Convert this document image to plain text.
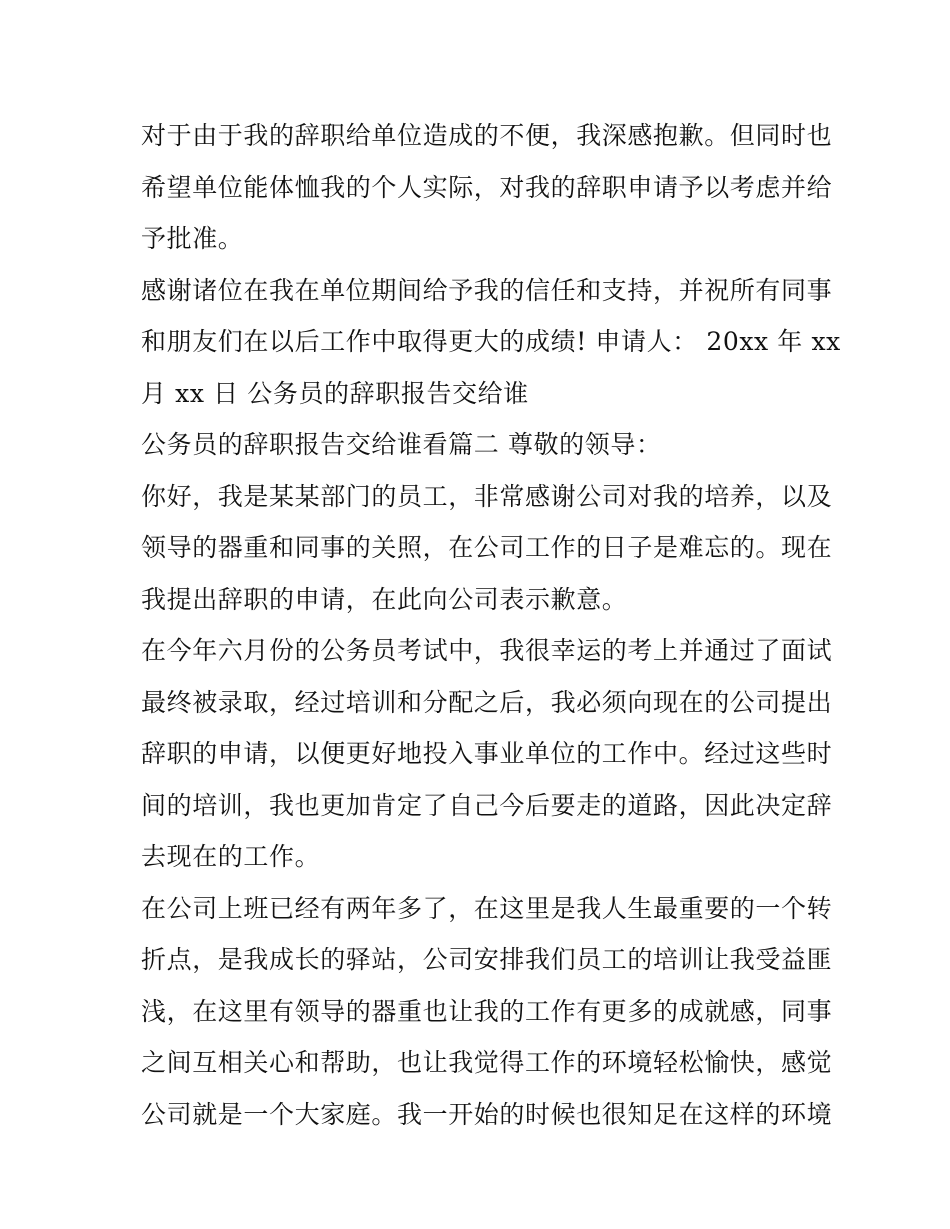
对于由于我的辞职给单位造成的不便，我深感抱歉。但同时也
希望单位能体恤我的个人实际，对我的辞职申请予以考虑并给
予批准。
感谢诸位在我在单位期间给予我的信任和支持，并祝所有同事
和朋友们在以后工作中取得更大的成绩! 申请人： 20xx 年 xx
月 xx 日 公务员的辞职报告交给谁
公务员的辞职报告交给谁看篇二 尊敬的领导：
你好，我是某某部门的员工，非常感谢公司对我的培养，以及
领导的器重和同事的关照，在公司工作的日子是难忘的。现在
我提出辞职的申请，在此向公司表示歉意。
在今年六月份的公务员考试中，我很幸运的考上并通过了面试
最终被录取，经过培训和分配之后，我必须向现在的公司提出
辞职的申请，以便更好地投入事业单位的工作中。经过这些时
间的培训，我也更加肯定了自己今后要走的道路，因此决定辞
去现在的工作。
在公司上班已经有两年多了，在这里是我人生最重要的一个转
折点，是我成长的驿站，公司安排我们员工的培训让我受益匪
浅，在这里有领导的器重也让我的工作有更多的成就感，同事
之间互相关心和帮助，也让我觉得工作的环境轻松愉快，感觉
公司就是一个大家庭。我一开始的时候也很知足在这样的环境
